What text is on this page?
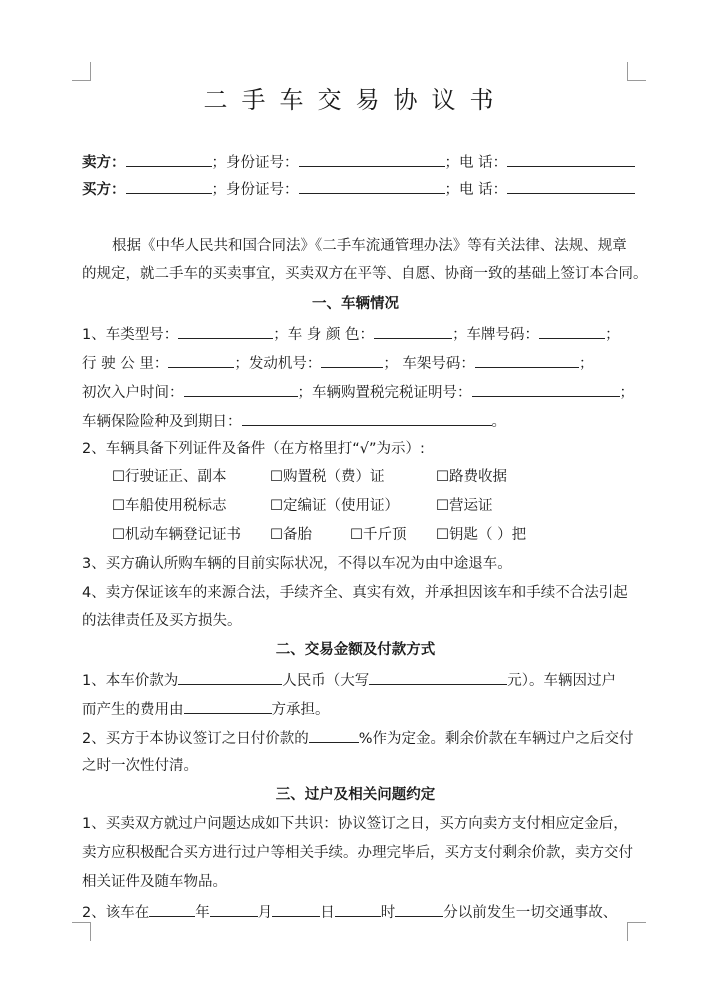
二手车交易协议书
卖方：	；身份证号：	；电 话：
买方：	；身份证号：	；电 话：
根据《中华人民共和国合同法》《二手车流通管理办法》等有关法律、法规、规章
的规定，就二手车的买卖事宜，买卖双方在平等、自愿、协商一致的基础上签订本合同。
一、车辆情况
1、车类型号：	；车 身 颜 色：	；车牌号码：	；
行 驶 公 里：	；发动机号：	； 车架号码：	；
初次入户时间：	；车辆购置税完税证明号：	；
车辆保险险种及到期日：	。
2、车辆具备下列证件及备件（在方格里打“√”为示）:
☐行驶证正、副本	☐购置税（费）证	☐路费收据
☐车船使用税标志	☐定编证（使用证）	☐营运证
☐机动车辆登记证书 ☐备胎	☐千斤顶 ☐钥匙（ ）把
3、买方确认所购车辆的目前实际状况，不得以车况为由中途退车。
4、卖方保证该车的来源合法，手续齐全、真实有效，并承担因该车和手续不合法引起
的法律责任及买方损失。
二、交易金额及付款方式
1、本车价款为	人民币（大写	元）。车辆因过户
而产生的费用由	方承担。
2、买方于本协议签订之日付价款的	%作为定金。剩余价款在车辆过户之后交付
之时一次性付清。
三、过户及相关问题约定
1、买卖双方就过户问题达成如下共识：协议签订之日，买方向卖方支付相应定金后，
卖方应积极配合买方进行过户等相关手续。办理完毕后，买方支付剩余价款，卖方交付
相关证件及随车物品。
2、该车在	年	月	日	时	分以前发生一切交通事故、
